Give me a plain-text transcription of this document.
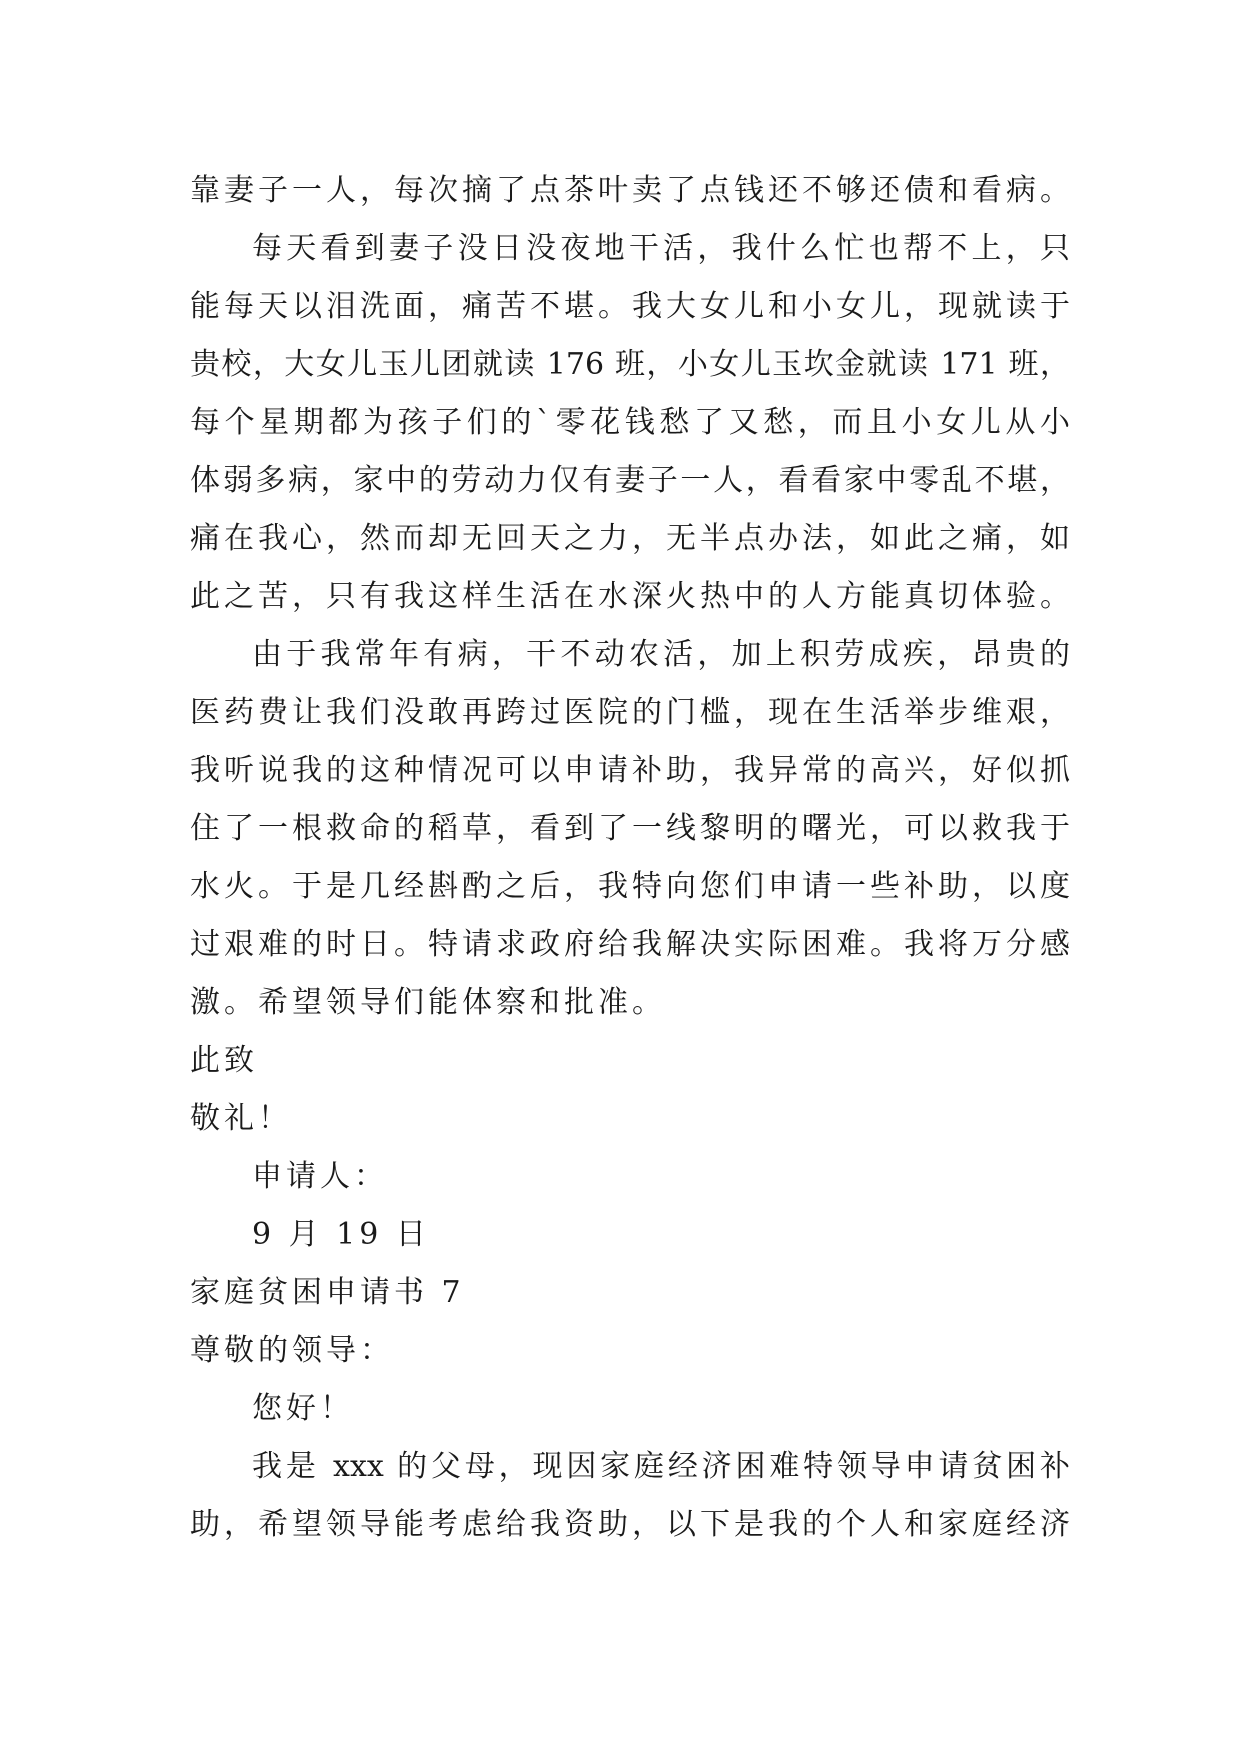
靠妻子一人，每次摘了点茶叶卖了点钱还不够还债和看病。
每天看到妻子没日没夜地干活，我什么忙也帮不上，只
能每天以泪洗面，痛苦不堪。我大女儿和小女儿，现就读于
贵校，大女儿玉儿团就读 176 班，小女儿玉坎金就读 171 班，
每个星期都为孩子们的`零花钱愁了又愁，而且小女儿从小
体弱多病，家中的劳动力仅有妻子一人，看看家中零乱不堪，
痛在我心，然而却无回天之力，无半点办法，如此之痛，如
此之苦，只有我这样生活在水深火热中的人方能真切体验。
由于我常年有病，干不动农活，加上积劳成疾，昂贵的
医药费让我们没敢再跨过医院的门槛，现在生活举步维艰，
我听说我的这种情况可以申请补助，我异常的高兴，好似抓
住了一根救命的稻草，看到了一线黎明的曙光，可以救我于
水火。于是几经斟酌之后，我特向您们申请一些补助，以度
过艰难的时日。特请求政府给我解决实际困难。我将万分感
激。希望领导们能体察和批准。
此致
敬礼！
申请人：
9 月 19 日
家庭贫困申请书 7
尊敬的领导：
您好！
我是 xxx 的父母，现因家庭经济困难特领导申请贫困补
助，希望领导能考虑给我资助，以下是我的个人和家庭经济
